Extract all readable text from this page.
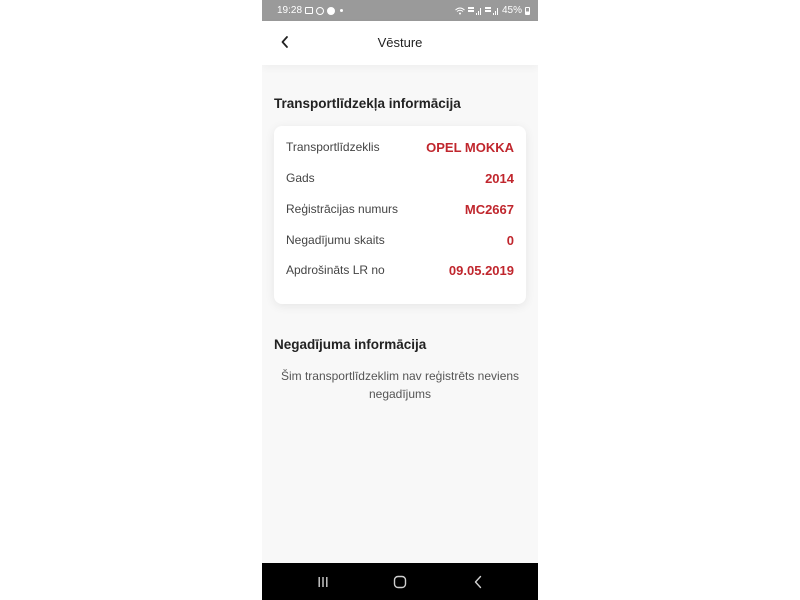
19:28	45%
Vēsture
Transportlīdzekļa informācija
Transportlīdzeklis	OPEL MOKKA
Gads	2014
Reģistrācijas numurs	MC2667
Negadījumu skaits	0
Apdrošināts LR no	09.05.2019
Negadījuma informācija
Šim transportlīdzeklim nav reģistrēts neviens negadījums
